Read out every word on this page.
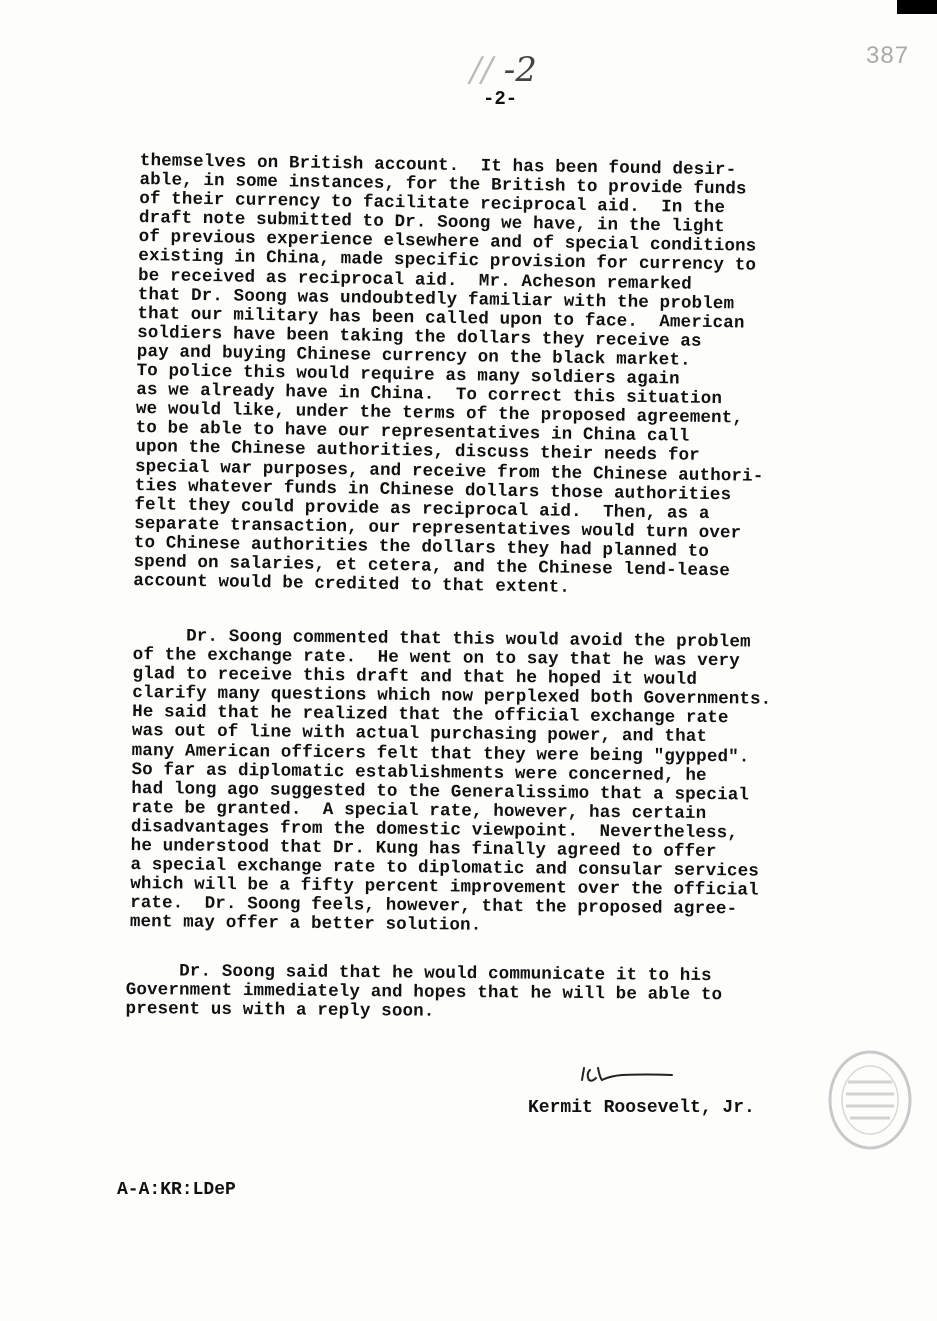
387
// -2
-2-

themselves on British account.  It has been found desir-
able, in some instances, for the British to provide funds
of their currency to facilitate reciprocal aid.  In the
draft note submitted to Dr. Soong we have, in the light
of previous experience elsewhere and of special conditions
existing in China, made specific provision for currency to
be received as reciprocal aid.  Mr. Acheson remarked
that Dr. Soong was undoubtedly familiar with the problem
that our military has been called upon to face.  American
soldiers have been taking the dollars they receive as
pay and buying Chinese currency on the black market.
To police this would require as many soldiers again
as we already have in China.  To correct this situation
we would like, under the terms of the proposed agreement,
to be able to have our representatives in China call
upon the Chinese authorities, discuss their needs for
special war purposes, and receive from the Chinese authori-
ties whatever funds in Chinese dollars those authorities
felt they could provide as reciprocal aid.  Then, as a
separate transaction, our representatives would turn over
to Chinese authorities the dollars they had planned to
spend on salaries, et cetera, and the Chinese lend-lease
account would be credited to that extent.

Dr. Soong commented that this would avoid the problem
of the exchange rate.  He went on to say that he was very
glad to receive this draft and that he hoped it would
clarify many questions which now perplexed both Governments.
He said that he realized that the official exchange rate
was out of line with actual purchasing power, and that
many American officers felt that they were being "gypped".
So far as diplomatic establishments were concerned, he
had long ago suggested to the Generalissimo that a special
rate be granted.  A special rate, however, has certain
disadvantages from the domestic viewpoint.  Nevertheless,
he understood that Dr. Kung has finally agreed to offer
a special exchange rate to diplomatic and consular services
which will be a fifty percent improvement over the official
rate.  Dr. Soong feels, however, that the proposed agree-
ment may offer a better solution.

Dr. Soong said that he would communicate it to his
Government immediately and hopes that he will be able to
present us with a reply soon.

Kermit Roosevelt, Jr.
A-A:KR:LDeP
